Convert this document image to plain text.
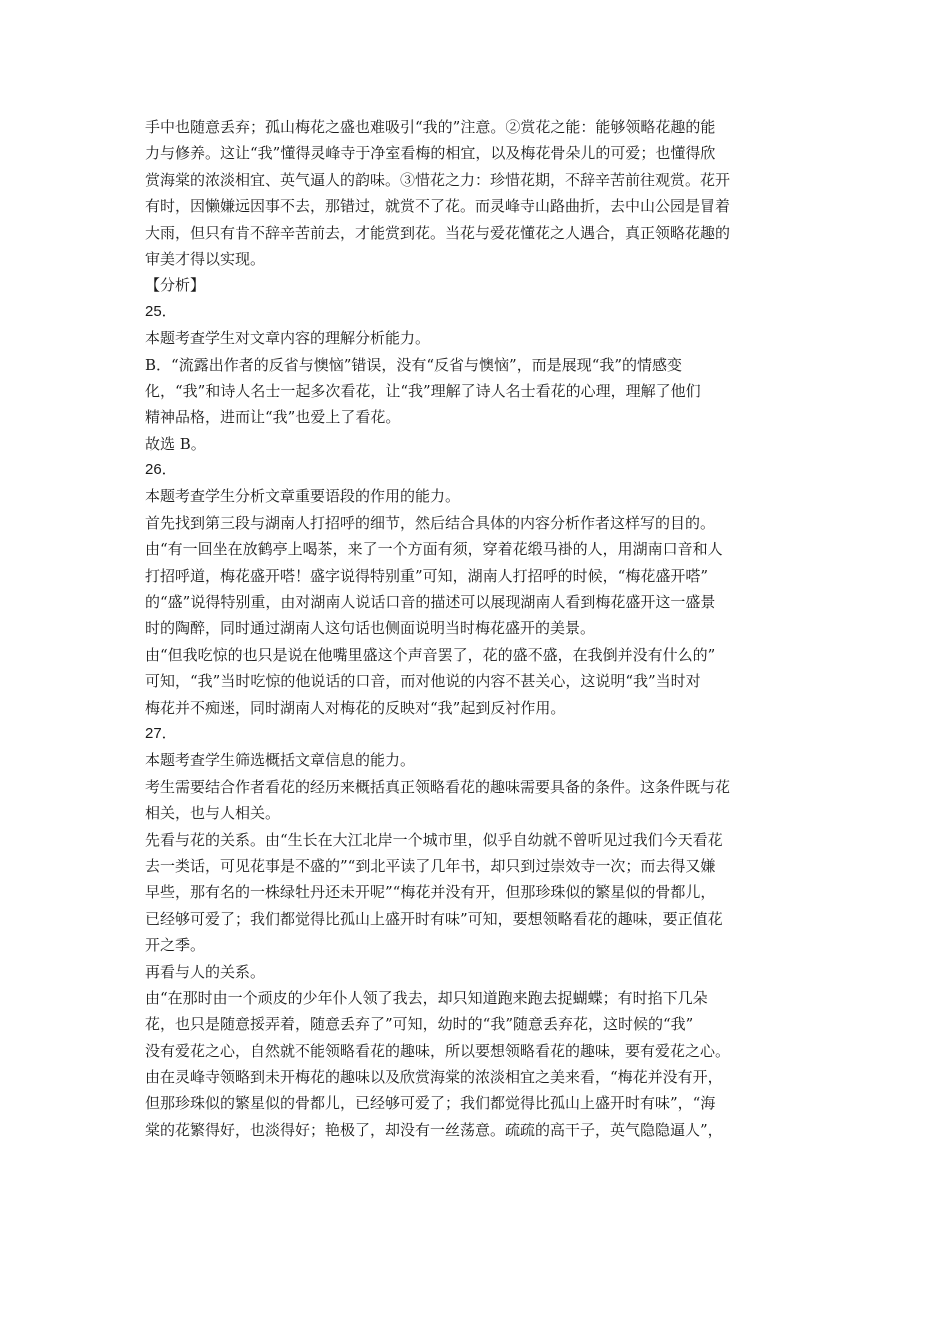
手中也随意丢弃；孤山梅花之盛也难吸引“我的”注意。②赏花之能：能够领略花趣的能
力与修养。这让“我”懂得灵峰寺于净室看梅的相宜，以及梅花骨朵儿的可爱；也懂得欣
赏海棠的浓淡相宜、英气逼人的韵味。③惜花之力：珍惜花期，不辞辛苦前往观赏。花开
有时，因懒嫌远因事不去，那错过，就赏不了花。而灵峰寺山路曲折，去中山公园是冒着
大雨，但只有肯不辞辛苦前去，才能赏到花。当花与爱花懂花之人遇合，真正领略花趣的
审美才得以实现。
【分析】
25．
本题考查学生对文章内容的理解分析能力。
B．“流露出作者的反省与懊恼”错误，没有“反省与懊恼”，而是展现“我”的情感变
化，“我”和诗人名士一起多次看花，让“我”理解了诗人名士看花的心理，理解了他们
精神品格，进而让“我”也爱上了看花。
故选 B。
26．
本题考查学生分析文章重要语段的作用的能力。
首先找到第三段与湖南人打招呼的细节，然后结合具体的内容分析作者这样写的目的。
由“有一回坐在放鹤亭上喝茶，来了一个方面有须，穿着花缎马褂的人，用湖南口音和人
打招呼道，梅花盛开嗒！盛字说得特别重”可知，湖南人打招呼的时候，“梅花盛开嗒”
的“盛”说得特别重，由对湖南人说话口音的描述可以展现湖南人看到梅花盛开这一盛景
时的陶醉，同时通过湖南人这句话也侧面说明当时梅花盛开的美景。
由“但我吃惊的也只是说在他嘴里盛这个声音罢了，花的盛不盛，在我倒并没有什么的”
可知，“我”当时吃惊的他说话的口音，而对他说的内容不甚关心，这说明“我”当时对
梅花并不痴迷，同时湖南人对梅花的反映对“我”起到反衬作用。
27．
本题考查学生筛选概括文章信息的能力。
考生需要结合作者看花的经历来概括真正领略看花的趣味需要具备的条件。这条件既与花
相关，也与人相关。
先看与花的关系。由“生长在大江北岸一个城市里，似乎自幼就不曾听见过我们今天看花
去一类话，可见花事是不盛的”“到北平读了几年书，却只到过崇效寺一次；而去得又嫌
早些，那有名的一株绿牡丹还未开呢”“梅花并没有开，但那珍珠似的繁星似的骨都儿，
已经够可爱了；我们都觉得比孤山上盛开时有味”可知，要想领略看花的趣味，要正值花
开之季。
再看与人的关系。
由“在那时由一个顽皮的少年仆人领了我去，却只知道跑来跑去捉蝴蝶；有时掐下几朵
花，也只是随意挼弄着，随意丢弃了”可知，幼时的“我”随意丢弃花，这时候的“我”
没有爱花之心，自然就不能领略看花的趣味，所以要想领略看花的趣味，要有爱花之心。
由在灵峰寺领略到未开梅花的趣味以及欣赏海棠的浓淡相宜之美来看，“梅花并没有开，
但那珍珠似的繁星似的骨都儿，已经够可爱了；我们都觉得比孤山上盛开时有味”，“海
棠的花繁得好，也淡得好；艳极了，却没有一丝荡意。疏疏的高干子，英气隐隐逼人”，
